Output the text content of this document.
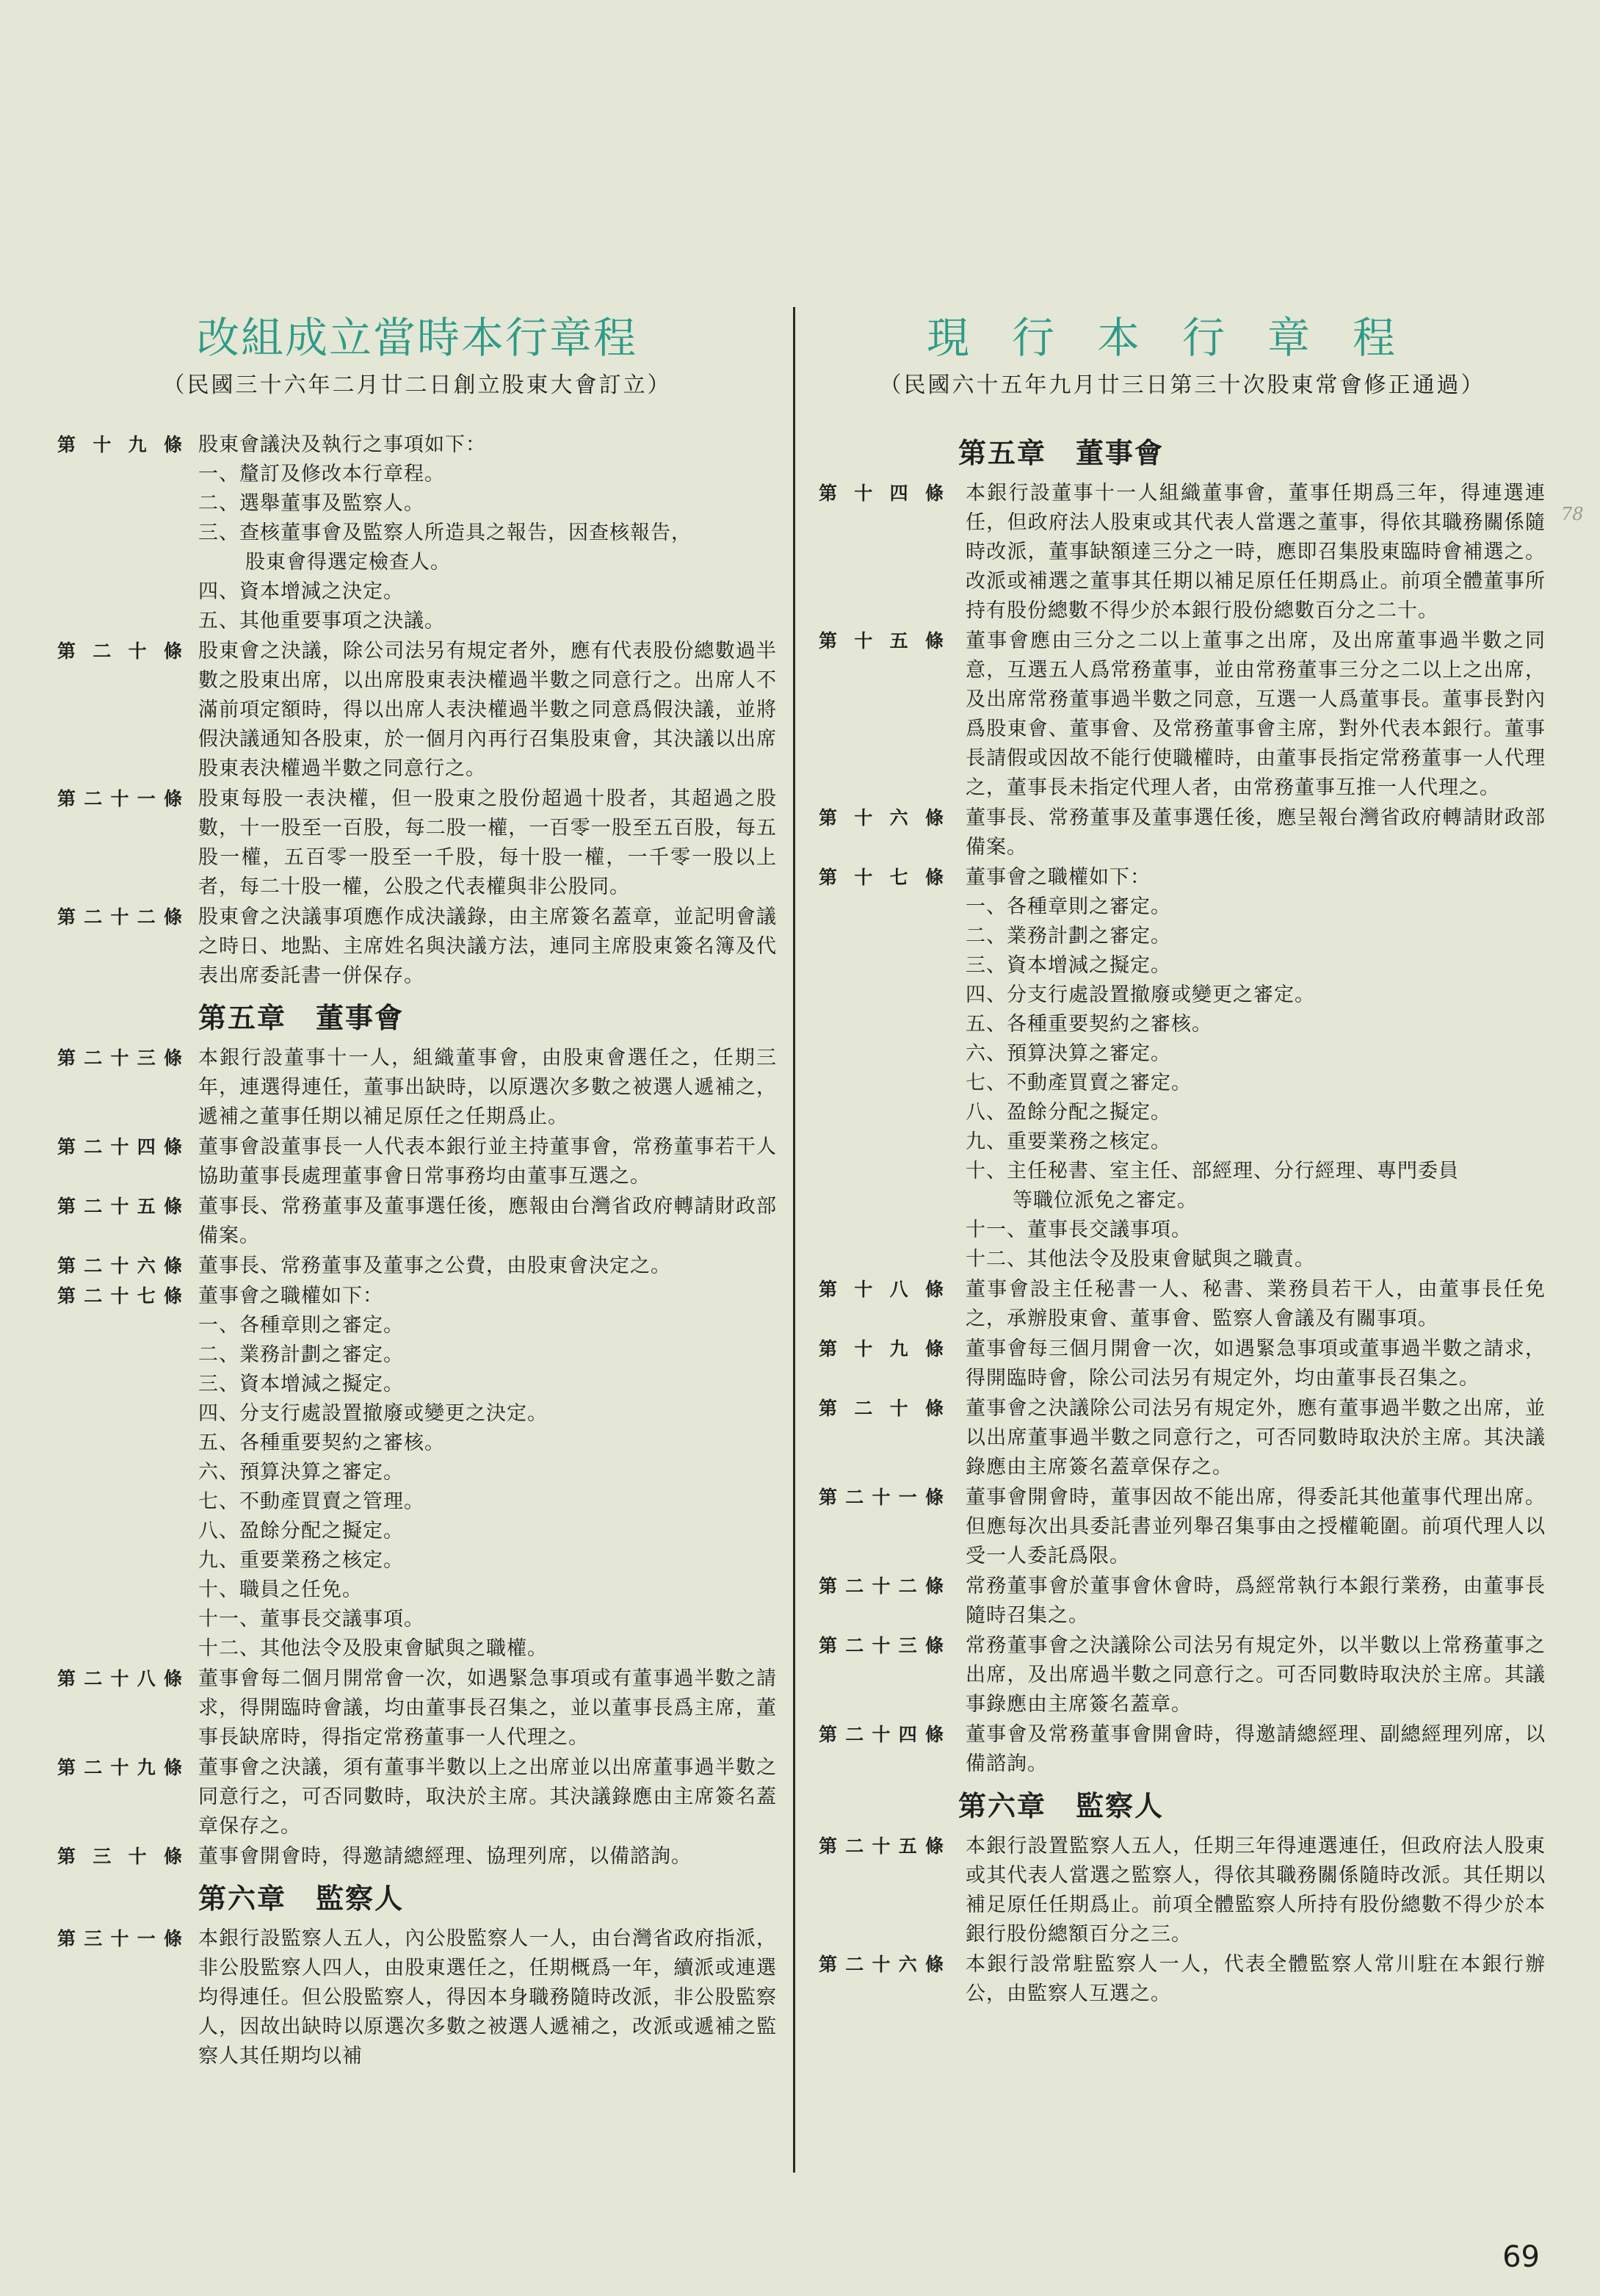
改組成立當時本行章程

（民國三十六年二月廿二日創立股東大會訂立）

第十九條 股東會議決及執行之事項如下：
一、釐訂及修改本行章程。
二、選舉董事及監察人。
三、查核董事會及監察人所造具之報告，因查核報告，
股東會得選定檢查人。
四、資本增減之決定。
五、其他重要事項之決議。
第二十條 股東會之決議，除公司法另有規定者外，應有代表股份總數過半數之股東出席，以出席股東表決權過半數之同意行之。出席人不滿前項定額時，得以出席人表決權過半數之同意爲假決議，並將假決議通知各股東，於一個月內再行召集股東會，其決議以出席股東表決權過半數之同意行之。
第二十一條 股東每股一表決權，但一股東之股份超過十股者，其超過之股數，十一股至一百股，每二股一權，一百零一股至五百股，每五股一權，五百零一股至一千股，每十股一權，一千零一股以上者，每二十股一權，公股之代表權與非公股同。
第二十二條 股東會之決議事項應作成決議錄，由主席簽名蓋章，並記明會議之時日、地點、主席姓名與決議方法，連同主席股東簽名簿及代表出席委託書一併保存。
第五章　董事會
第二十三條 本銀行設董事十一人，組織董事會，由股東會選任之，任期三年，連選得連任，董事出缺時，以原選次多數之被選人遞補之，遞補之董事任期以補足原任之任期爲止。
第二十四條 董事會設董事長一人代表本銀行並主持董事會，常務董事若干人協助董事長處理董事會日常事務均由董事互選之。
第二十五條 董事長、常務董事及董事選任後，應報由台灣省政府轉請財政部備案。
第二十六條 董事長、常務董事及董事之公費，由股東會決定之。
第二十七條 董事會之職權如下：
一、各種章則之審定。
二、業務計劃之審定。
三、資本增減之擬定。
四、分支行處設置撤廢或變更之決定。
五、各種重要契約之審核。
六、預算決算之審定。
七、不動產買賣之管理。
八、盈餘分配之擬定。
九、重要業務之核定。
十、職員之任免。
十一、董事長交議事項。
十二、其他法令及股東會賦與之職權。
第二十八條 董事會每二個月開常會一次，如遇緊急事項或有董事過半數之請求，得開臨時會議，均由董事長召集之，並以董事長爲主席，董事長缺席時，得指定常務董事一人代理之。
第二十九條 董事會之決議，須有董事半數以上之出席並以出席董事過半數之同意行之，可否同數時，取決於主席。其決議錄應由主席簽名蓋章保存之。
第三十條 董事會開會時，得邀請總經理、協理列席，以備諮詢。
第六章　監察人
第三十一條 本銀行設監察人五人，內公股監察人一人，由台灣省政府指派，非公股監察人四人，由股東選任之，任期概爲一年，續派或連選均得連任。但公股監察人，得因本身職務隨時改派，非公股監察人，因故出缺時以原選次多數之被選人遞補之，改派或遞補之監察人其任期均以補
現行本行章程

（民國六十五年九月廿三日第三十次股東常會修正通過）

第五章　董事會
第十四條 本銀行設董事十一人組織董事會，董事任期爲三年，得連選連任，但政府法人股東或其代表人當選之董事，得依其職務關係隨時改派，董事缺額達三分之一時，應即召集股東臨時會補選之。改派或補選之董事其任期以補足原任任期爲止。前項全體董事所持有股份總數不得少於本銀行股份總數百分之二十。
第十五條 董事會應由三分之二以上董事之出席，及出席董事過半數之同意，互選五人爲常務董事，並由常務董事三分之二以上之出席，及出席常務董事過半數之同意，互選一人爲董事長。董事長對內爲股東會、董事會、及常務董事會主席，對外代表本銀行。董事長請假或因故不能行使職權時，由董事長指定常務董事一人代理之，董事長未指定代理人者，由常務董事互推一人代理之。
第十六條 董事長、常務董事及董事選任後，應呈報台灣省政府轉請財政部備案。
第十七條 董事會之職權如下：
一、各種章則之審定。
二、業務計劃之審定。
三、資本增減之擬定。
四、分支行處設置撤廢或變更之審定。
五、各種重要契約之審核。
六、預算決算之審定。
七、不動產買賣之審定。
八、盈餘分配之擬定。
九、重要業務之核定。
十、主任秘書、室主任、部經理、分行經理、專門委員
等職位派免之審定。
十一、董事長交議事項。
十二、其他法令及股東會賦與之職責。
第十八條 董事會設主任秘書一人、秘書、業務員若干人，由董事長任免之，承辦股東會、董事會、監察人會議及有關事項。
第十九條 董事會每三個月開會一次，如遇緊急事項或董事過半數之請求，得開臨時會，除公司法另有規定外，均由董事長召集之。
第二十條 董事會之決議除公司法另有規定外，應有董事過半數之出席，並以出席董事過半數之同意行之，可否同數時取決於主席。其決議錄應由主席簽名蓋章保存之。
第二十一條 董事會開會時，董事因故不能出席，得委託其他董事代理出席。但應每次出具委託書並列舉召集事由之授權範圍。前項代理人以受一人委託爲限。
第二十二條 常務董事會於董事會休會時，爲經常執行本銀行業務，由董事長隨時召集之。
第二十三條 常務董事會之決議除公司法另有規定外，以半數以上常務董事之出席，及出席過半數之同意行之。可否同數時取決於主席。其議事錄應由主席簽名蓋章。
第二十四條 董事會及常務董事會開會時，得邀請總經理、副總經理列席，以備諮詢。
第六章　監察人
第二十五條 本銀行設置監察人五人，任期三年得連選連任，但政府法人股東或其代表人當選之監察人，得依其職務關係隨時改派。其任期以補足原任任期爲止。前項全體監察人所持有股份總數不得少於本銀行股份總額百分之三。
第二十六條 本銀行設常駐監察人一人，代表全體監察人常川駐在本銀行辦公，由監察人互選之。
78
69
